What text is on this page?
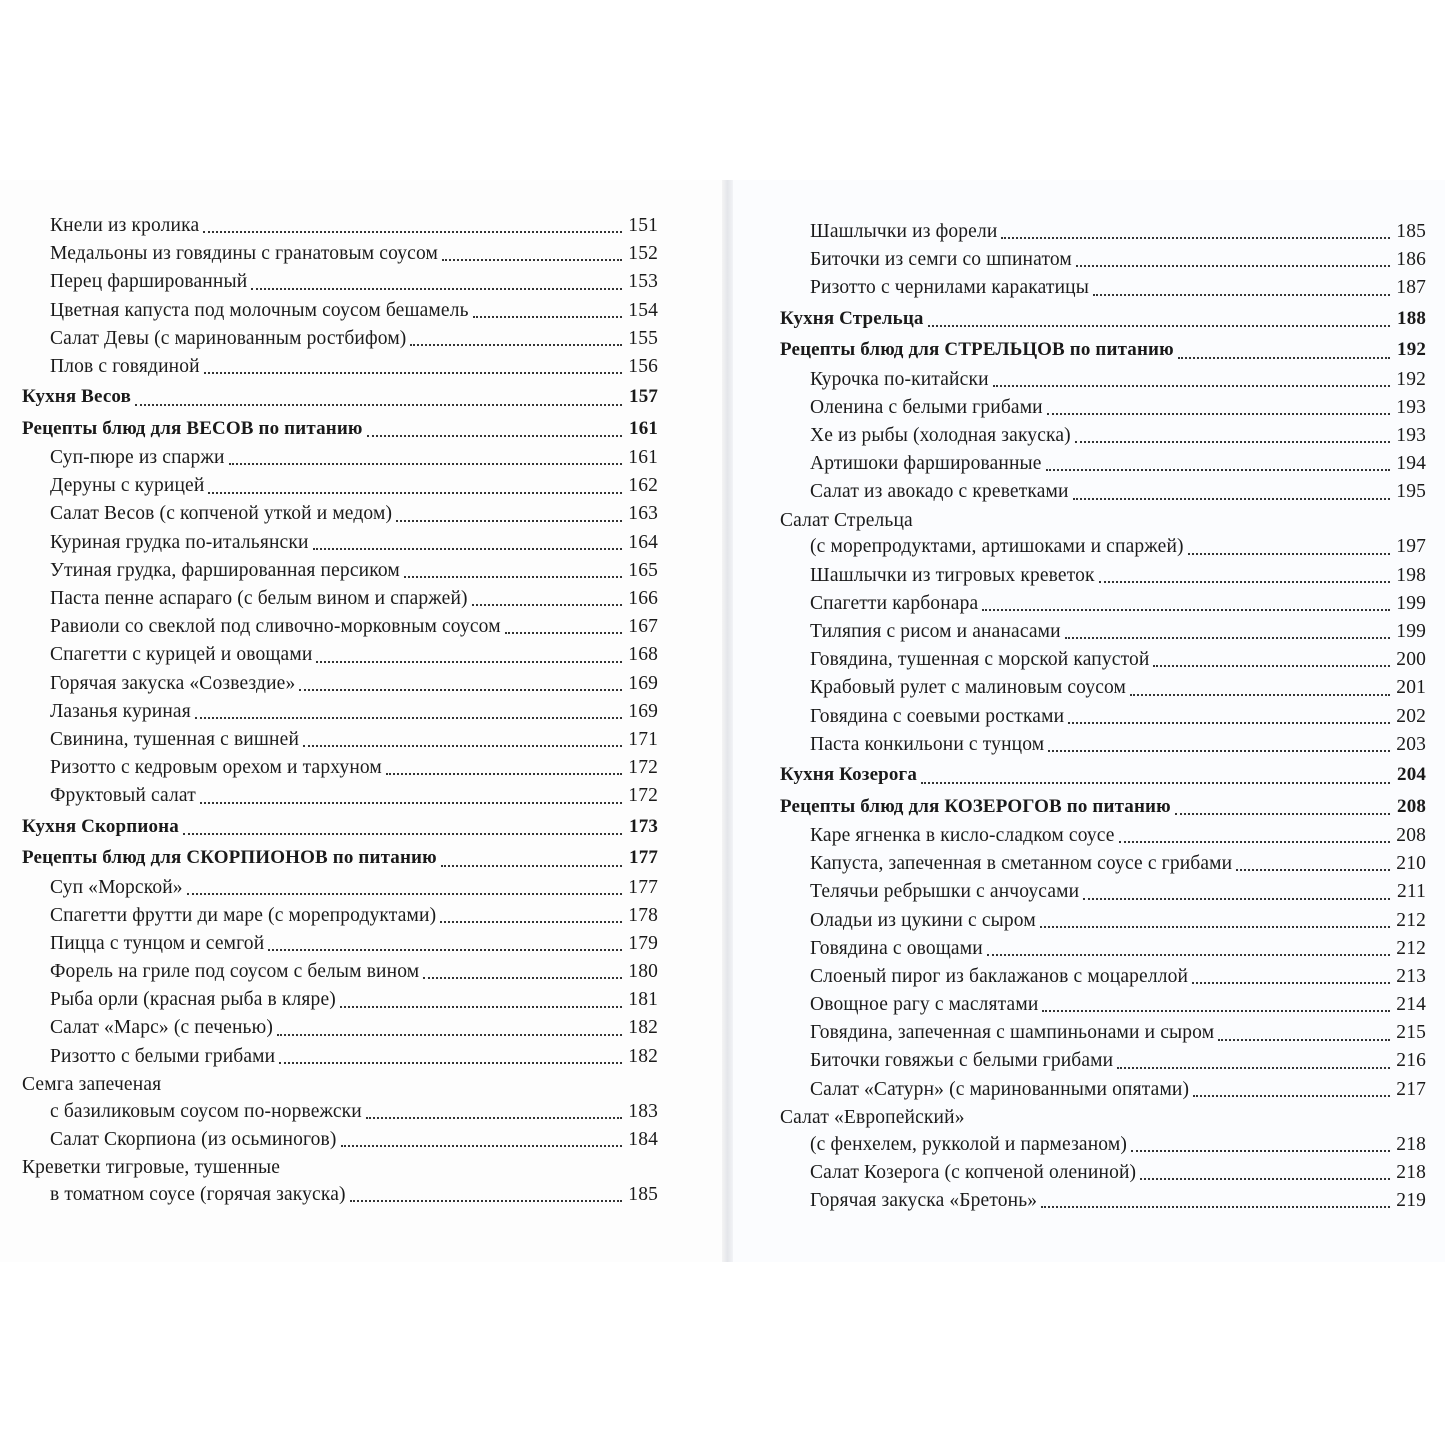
Кнели из кролика	151
Медальоны из говядины с гранатовым соусом	152
Перец фаршированный	153
Цветная капуста под молочным соусом бешамель	154
Салат Девы (с маринованным ростбифом)	155
Плов с говядиной	156
Кухня Весов	157
Рецепты блюд для ВЕСОВ по питанию	161
Суп-пюре из спаржи	161
Деруны с курицей	162
Салат Весов (с копченой уткой и медом)	163
Куриная грудка по-итальянски	164
Утиная грудка, фаршированная персиком	165
Паста пенне аспараго (с белым вином и спаржей)	166
Равиоли со свеклой под сливочно-морковным соусом	167
Спагетти с курицей и овощами	168
Горячая закуска «Созвездие»	169
Лазанья куриная	169
Свинина, тушенная с вишней	171
Ризотто с кедровым орехом и тархуном	172
Фруктовый салат	172
Кухня Скорпиона	173
Рецепты блюд для СКОРПИОНОВ по питанию	177
Суп «Морской»	177
Спагетти фрутти ди маре (с морепродуктами)	178
Пицца с тунцом и семгой	179
Форель на гриле под соусом с белым вином	180
Рыба орли (красная рыба в кляре)	181
Салат «Марс» (с печенью)	182
Ризотто с белыми грибами	182
Семга запеченая
с базиликовым соусом по-норвежски	183
Салат Скорпиона (из осьминогов)	184
Креветки тигровые, тушенные
в томатном соусе (горячая закуска)	185
Шашлычки из форели	185
Биточки из семги со шпинатом	186
Ризотто с чернилами каракатицы	187
Кухня Стрельца	188
Рецепты блюд для СТРЕЛЬЦОВ по питанию	192
Курочка по-китайски	192
Оленина с белыми грибами	193
Хе из рыбы (холодная закуска)	193
Артишоки фаршированные	194
Салат из авокадо с креветками	195
Салат Стрельца
(с морепродуктами, артишоками и спаржей)	197
Шашлычки из тигровых креветок	198
Спагетти карбонара	199
Тиляпия с рисом и ананасами	199
Говядина, тушенная с морской капустой	200
Крабовый рулет с малиновым соусом	201
Говядина с соевыми ростками	202
Паста конкильони с тунцом	203
Кухня Козерога	204
Рецепты блюд для КОЗЕРОГОВ по питанию	208
Каре ягненка в кисло-сладком соусе	208
Капуста, запеченная в сметанном соусе с грибами	210
Телячьи ребрышки с анчоусами	211
Оладьи из цукини с сыром	212
Говядина с овощами	212
Слоеный пирог из баклажанов с моцареллой	213
Овощное рагу с маслятами	214
Говядина, запеченная с шампиньонами и сыром	215
Биточки говяжьи с белыми грибами	216
Салат «Сатурн» (с маринованными опятами)	217
Салат «Европейский»
(с фенхелем, рукколой и пармезаном)	218
Салат Козерога (с копченой олениной)	218
Горячая закуска «Бретонь»	219
